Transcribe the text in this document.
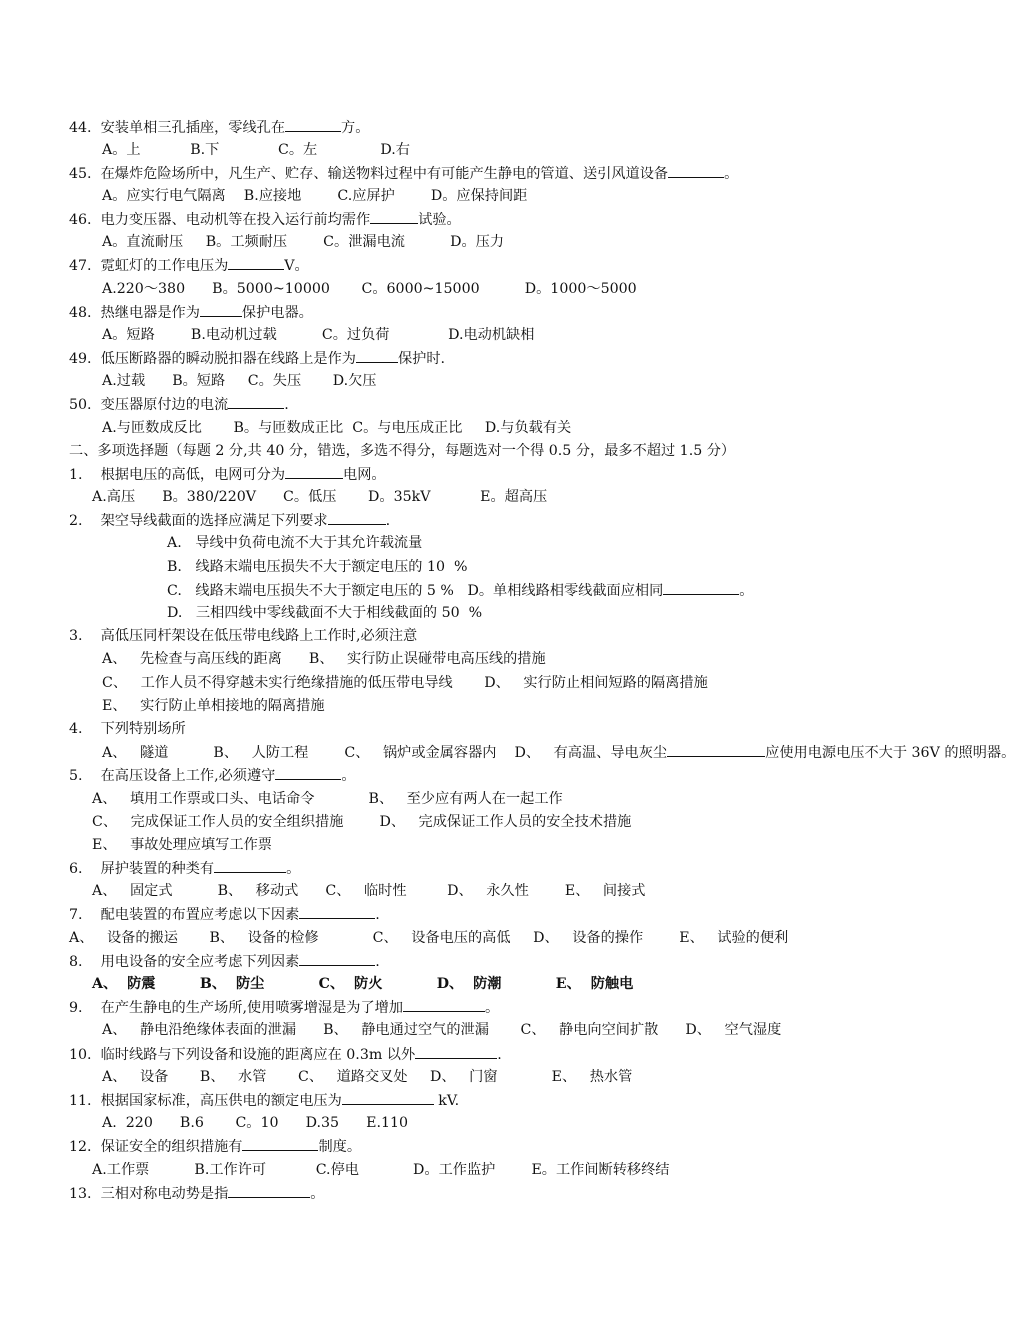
44.  安装单相三孔插座，零线孔在	方。
A。上           B.下             C。左              D.右
45.  在爆炸危险场所中，凡生产、贮存、输送物料过程中有可能产生静电的管道、送引风道设备	。
A。应实行电气隔离    B.应接地        C.应屏护        D。应保持间距
46.  电力变压器、电动机等在投入运行前均需作	试验。
A。直流耐压     B。工频耐压        C。泄漏电流          D。压力
47.  霓虹灯的工作电压为	V。
A.220～380      B。5000~10000       C。6000~15000          D。1000～5000
48.  热继电器是作为	保护电器。
A。短路        B.电动机过载          C。过负荷             D.电动机缺相
49.  低压断路器的瞬动脱扣器在线路上是作为	保护时.
A.过载      B。短路     C。失压       D.欠压
50.  变压器原付边的电流	.
A.与匝数成反比       B。与匝数成正比  C。与电压成正比     D.与负载有关
二、多项选择题（每题 2 分,共 40 分，错选，多选不得分，每题选对一个得 0.5 分，最多不超过 1.5 分）
1.    根据电压的高低，电网可分为	电网。
A.高压      B。380/220V      C。低压       D。35kV           E。超高压
2.    架空导线截面的选择应满足下列要求	.
A.   导线中负荷电流不大于其允许载流量
B.   线路末端电压损失不大于额定电压的 10  %
C.   线路末端电压损失不大于额定电压的 5 %   D。单相线路相零线截面应相同	。
D.   三相四线中零线截面不大于相线截面的 50  %
3.    高低压同杆架设在低压带电线路上工作时,必须注意
A、   先检查与高压线的距离      B、   实行防止误碰带电高压线的措施
C、   工作人员不得穿越未实行绝缘措施的低压带电导线       D、   实行防止相间短路的隔离措施
E、   实行防止单相接地的隔离措施
4.    下列特别场所
A、   隧道          B、   人防工程        C、   锅炉或金属容器内    D、   有高温、导电灰尘	应使用电源电压不大于 36V 的照明器。
5.    在高压设备上工作,必须遵守	。
A、   填用工作票或口头、电话命令            B、   至少应有两人在一起工作
C、   完成保证工作人员的安全组织措施        D、   完成保证工作人员的安全技术措施
E、   事故处理应填写工作票
6.    屏护装置的种类有	。
A、   固定式          B、   移动式      C、   临时性         D、   永久性        E、   间接式
7.    配电装置的布置应考虑以下因素	.
A、   设备的搬运       B、   设备的检修            C、   设备电压的高低     D、   设备的操作        E、   试验的便利
8.    用电设备的安全应考虑下列因素	.
A、  防震         B、  防尘           C、  防火           D、  防潮           E、  防触电
9.    在产生静电的生产场所,使用喷雾增湿是为了增加	。
A、   静电沿绝缘体表面的泄漏      B、   静电通过空气的泄漏       C、   静电向空间扩散      D、   空气湿度
10.  临时线路与下列设备和设施的距离应在 0.3m 以外	.
A、   设备       B、   水管       C、   道路交叉处     D、   门窗            E、   热水管
11.  根据国家标准，高压供电的额定电压为	kV.
A.  220      B.6       C。10      D.35      E.110
12.  保证安全的组织措施有	制度。
A.工作票          B.工作许可           C.停电            D。工作监护        E。工作间断转移终结
13.  三相对称电动势是指	。
